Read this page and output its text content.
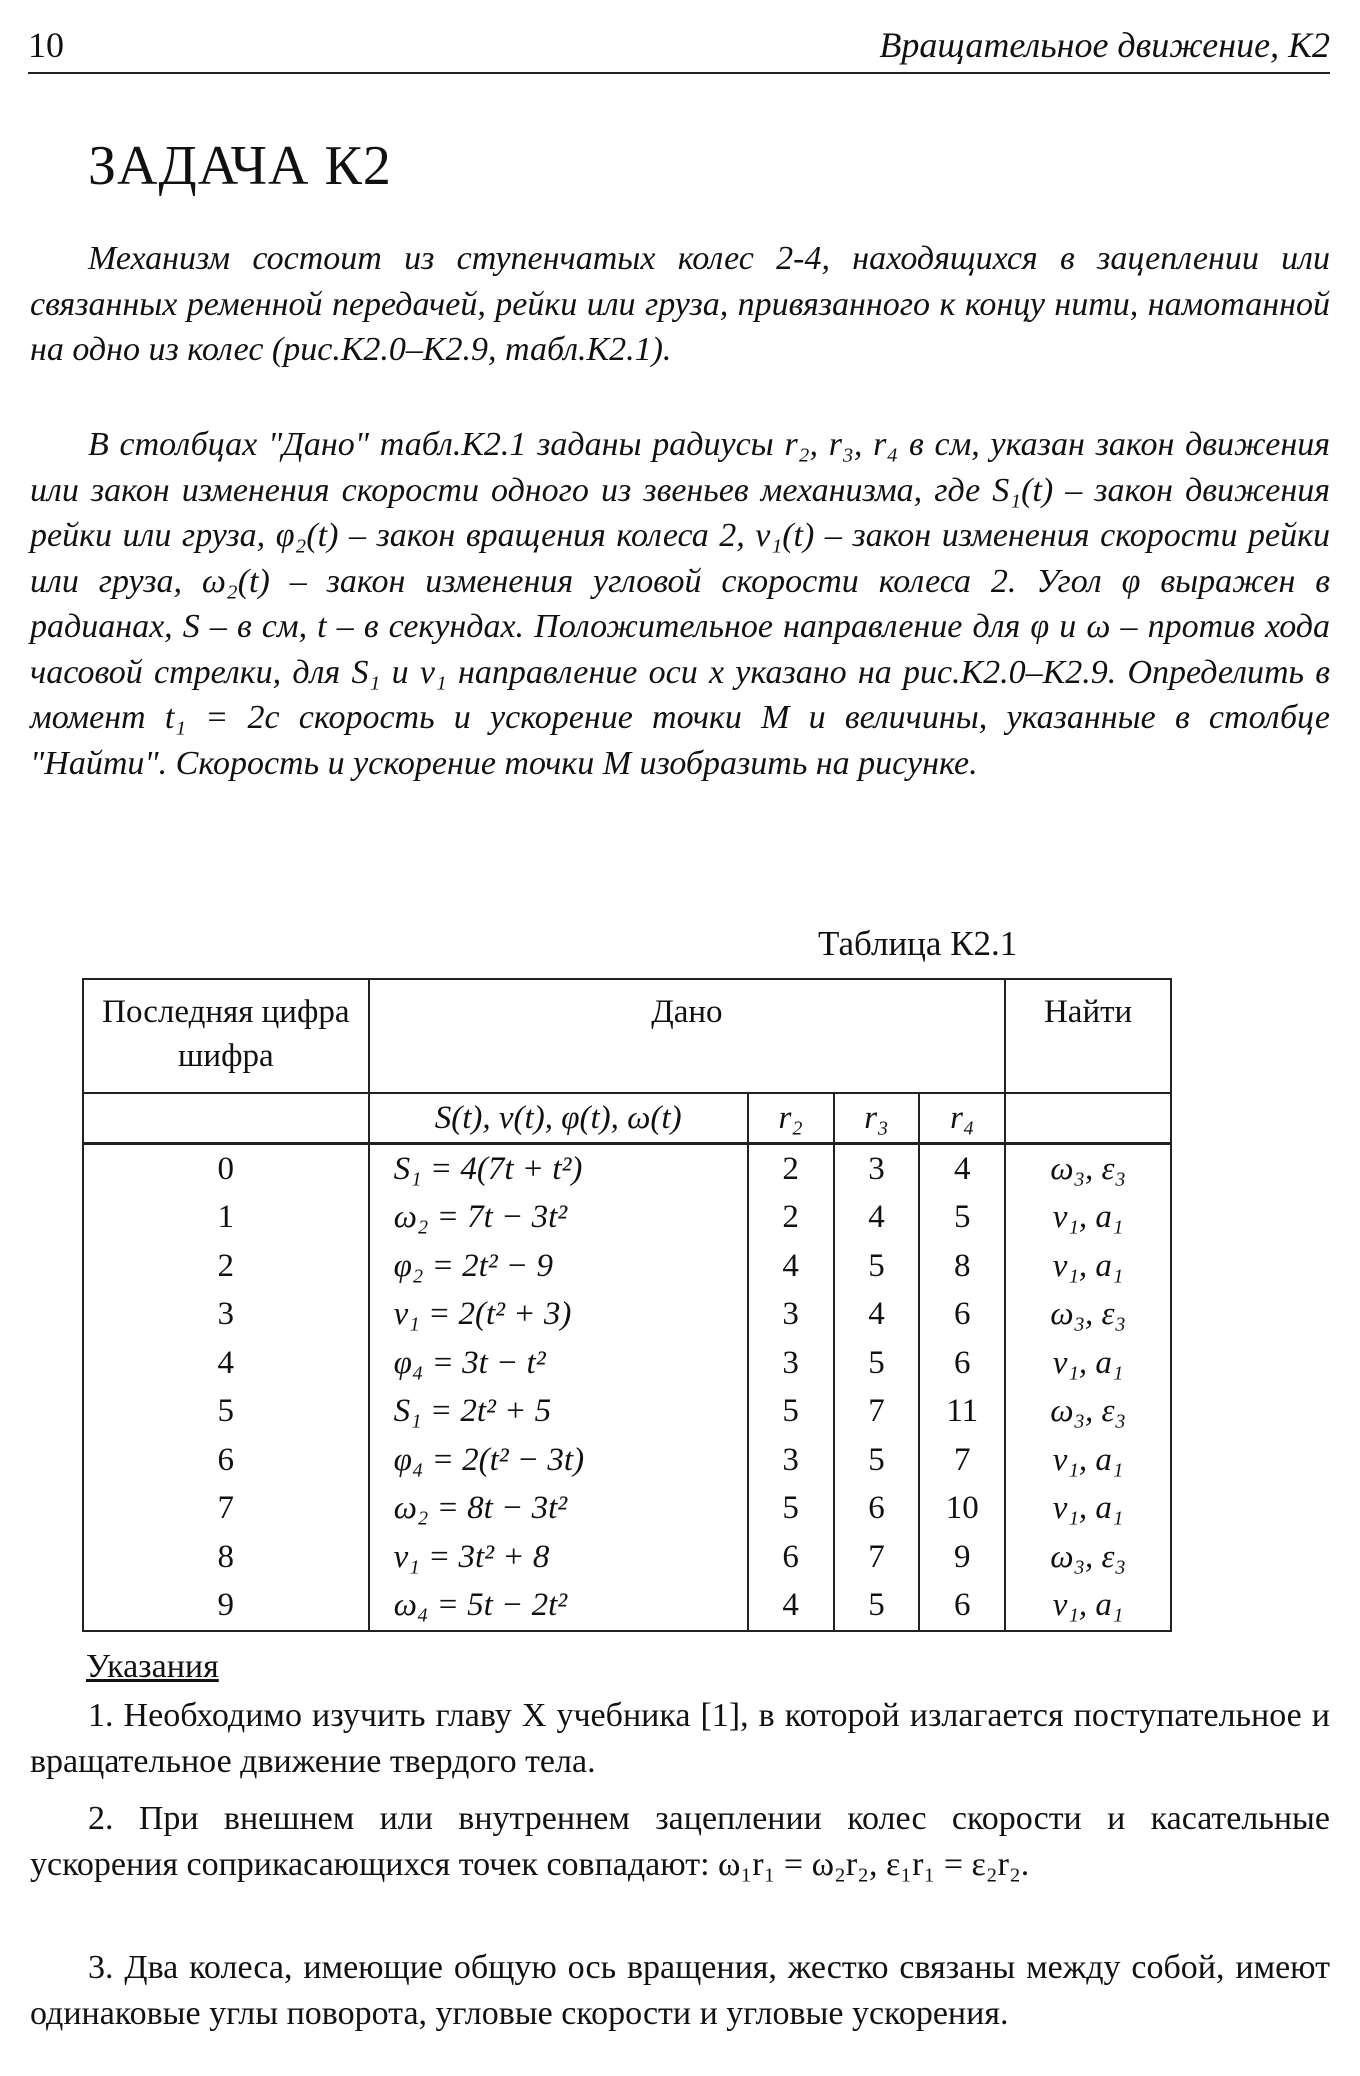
10	Вращательное движение, К2
ЗАДАЧА К2

Механизм состоит из ступенчатых колес 2-4, находящихся в зацеплении или связанных ременной передачей, рейки или груза, привязанного к концу нити, намотанной на одно из колес (рис.К2.0–К2.9, табл.К2.1).

В столбцах "Дано" табл.К2.1 заданы радиусы r₂, r₃, r₄ в см, указан закон движения или закон изменения скорости одного из звеньев механизма, где S₁(t) – закон движения рейки или груза, φ₂(t) – закон вращения колеса 2, v₁(t) – закон изменения скорости рейки или груза, ω₂(t) – закон изменения угловой скорости колеса 2. Угол φ выражен в радианах, S – в см, t – в секундах. Положительное направление для φ и ω – против хода часовой стрелки, для S₁ и v₁ направление оси x указано на рис.К2.0–К2.9. Определить в момент t₁ = 2с скорость и ускорение точки M и величины, указанные в столбце "Найти". Скорость и ускорение точки M изобразить на рисунке.

Таблица К2.1
Последняя цифра шифра	Дано				Найти
	S(t), v(t), φ(t), ω(t)	r₂	r₃	r₄	
0	S₁ = 4(7t + t²)	2	3	4	ω₃, ε₃
1	ω₂ = 7t − 3t²	2	4	5	v₁, a₁
2	φ₂ = 2t² − 9	4	5	8	v₁, a₁
3	v₁ = 2(t² + 3)	3	4	6	ω₃, ε₃
4	φ₄ = 3t − t²	3	5	6	v₁, a₁
5	S₁ = 2t² + 5	5	7	11	ω₃, ε₃
6	φ₄ = 2(t² − 3t)	3	5	7	v₁, a₁
7	ω₂ = 8t − 3t²	5	6	10	v₁, a₁
8	v₁ = 3t² + 8	6	7	9	ω₃, ε₃
9	ω₄ = 5t − 2t²	4	5	6	v₁, a₁
Указания

1. Необходимо изучить главу X учебника [1], в которой излагается поступательное и вращательное движение твердого тела.

2. При внешнем или внутреннем зацеплении колес скорости и касательные ускорения соприкасающихся точек совпадают: ω₁r₁ = ω₂r₂, ε₁r₁ = ε₂r₂.

3. Два колеса, имеющие общую ось вращения, жестко связаны между собой, имеют одинаковые углы поворота, угловые скорости и угловые ускорения.
